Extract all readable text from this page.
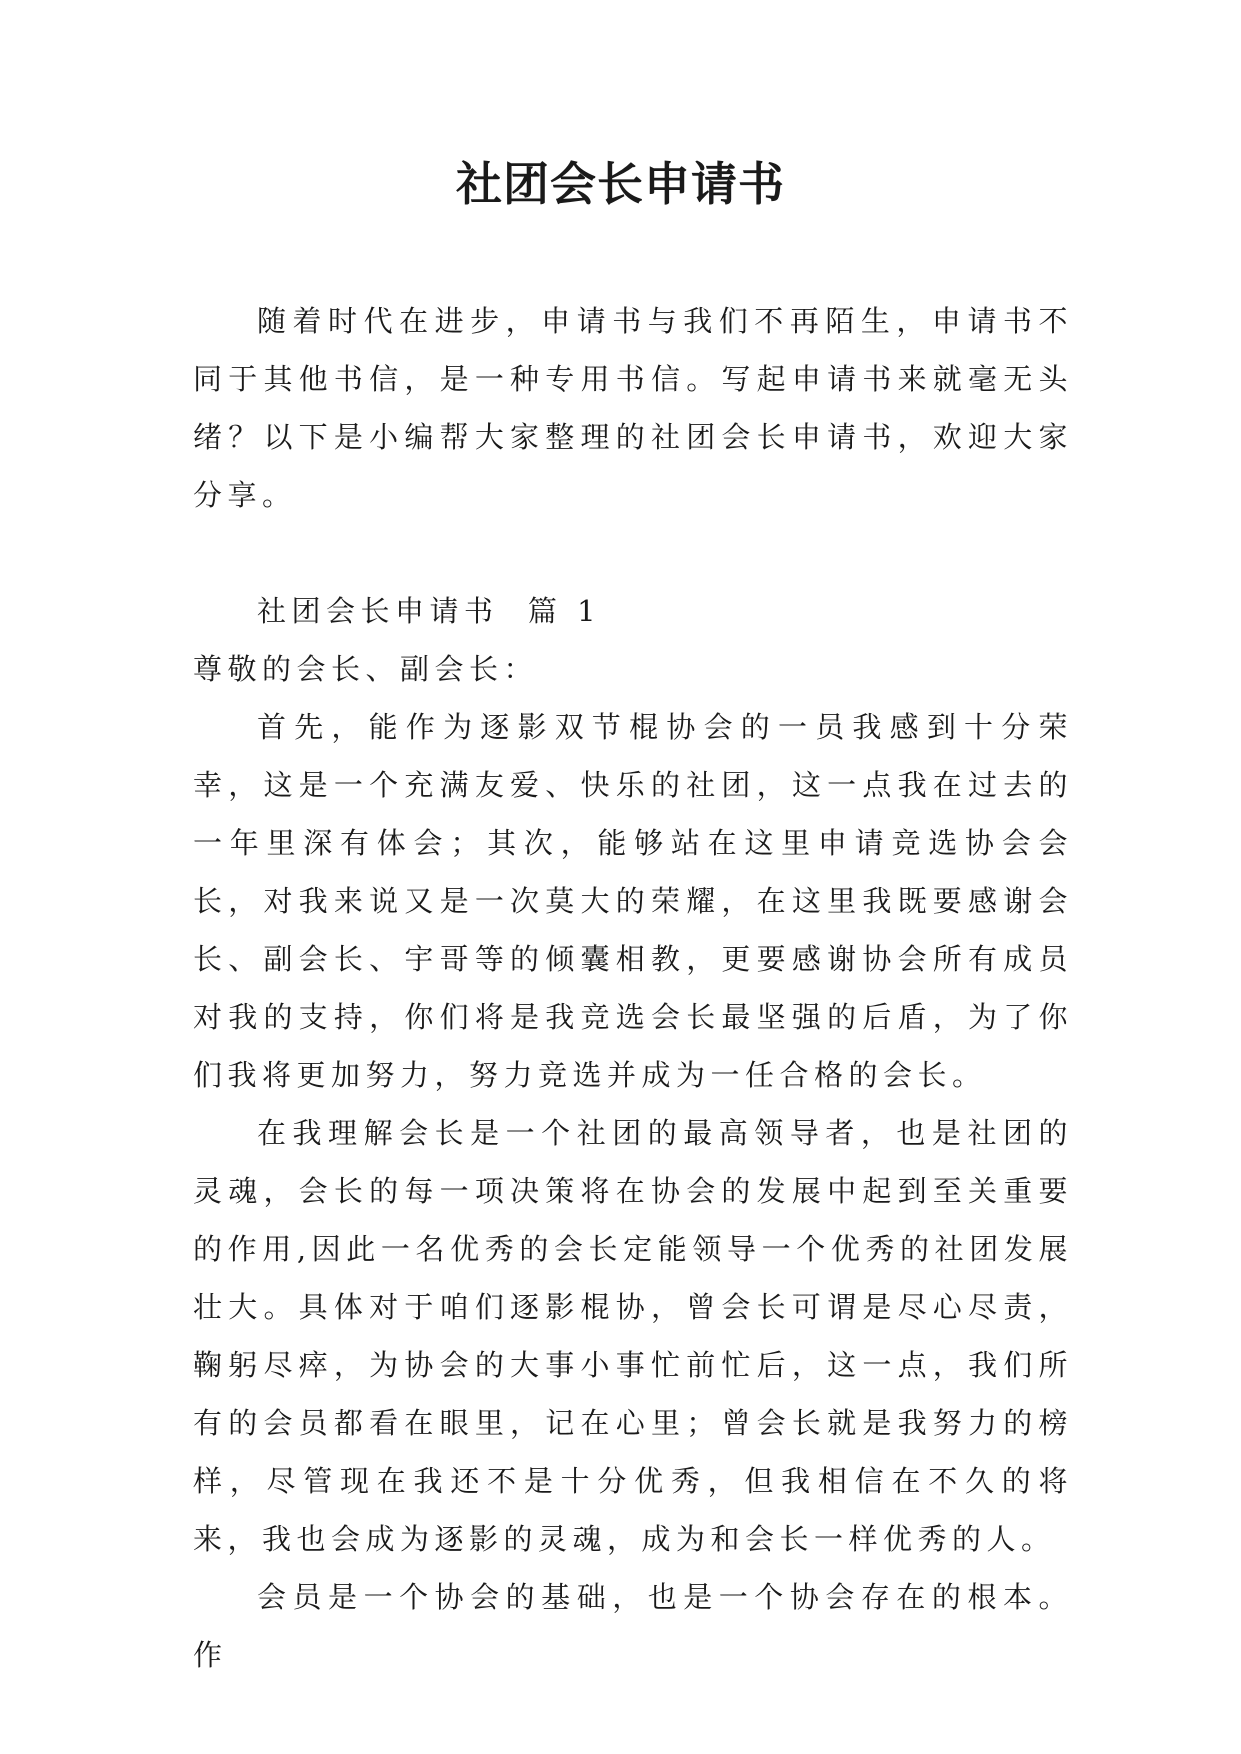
社团会长申请书

随着时代在进步，申请书与我们不再陌生，申请书不同于其他书信，是一种专用书信。写起申请书来就毫无头绪？以下是小编帮大家整理的社团会长申请书，欢迎大家分享。

社团会长申请书  篇 1

尊敬的会长、副会长：

首先，能作为逐影双节棍协会的一员我感到十分荣幸，这是一个充满友爱、快乐的社团，这一点我在过去的一年里深有体会；其次，能够站在这里申请竞选协会会长，对我来说又是一次莫大的荣耀，在这里我既要感谢会长、副会长、宇哥等的倾囊相教，更要感谢协会所有成员对我的支持，你们将是我竞选会长最坚强的后盾，为了你们我将更加努力，努力竞选并成为一任合格的会长。

在我理解会长是一个社团的最高领导者，也是社团的灵魂，会长的每一项决策将在协会的发展中起到至关重要的作用,因此一名优秀的会长定能领导一个优秀的社团发展壮大。具体对于咱们逐影棍协，曾会长可谓是尽心尽责，鞠躬尽瘁，为协会的大事小事忙前忙后，这一点，我们所有的会员都看在眼里，记在心里；曾会长就是我努力的榜样，尽管现在我还不是十分优秀，但我相信在不久的将来，我也会成为逐影的灵魂，成为和会长一样优秀的人。

会员是一个协会的基础，也是一个协会存在的根本。作
